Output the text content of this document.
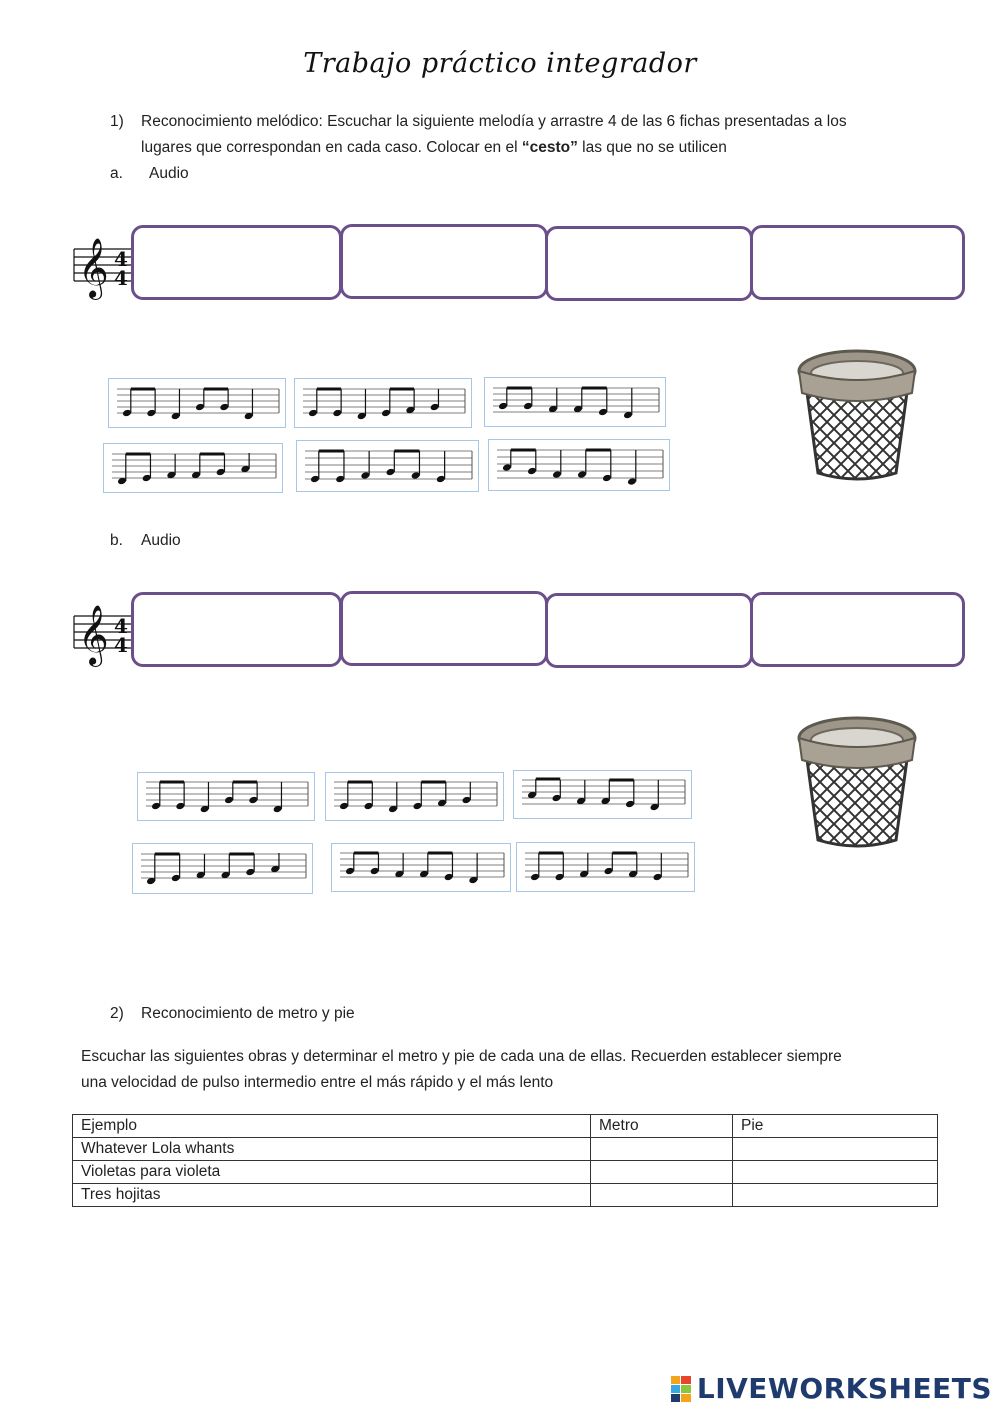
Trabajo práctico integrador
1)	Reconocimiento melódico: Escuchar la siguiente melodía y arrastre 4 de las 6 fichas presentadas a los
lugares que correspondan en cada caso. Colocar en el “cesto” las que no se utilicen
a. Audio
𝄞 4
4
b. Audio
𝄞 4
4
2)	Reconocimiento de metro y pie
Escuchar las siguientes obras y determinar el metro y pie de cada una de ellas. Recuerden establecer siempre
una velocidad de pulso intermedio entre el más rápido y el más lento
Ejemplo	Metro	Pie
Whatever Lola whants		
Violetas para violeta		
Tres hojitas		
LIVEWORKSHEETS
